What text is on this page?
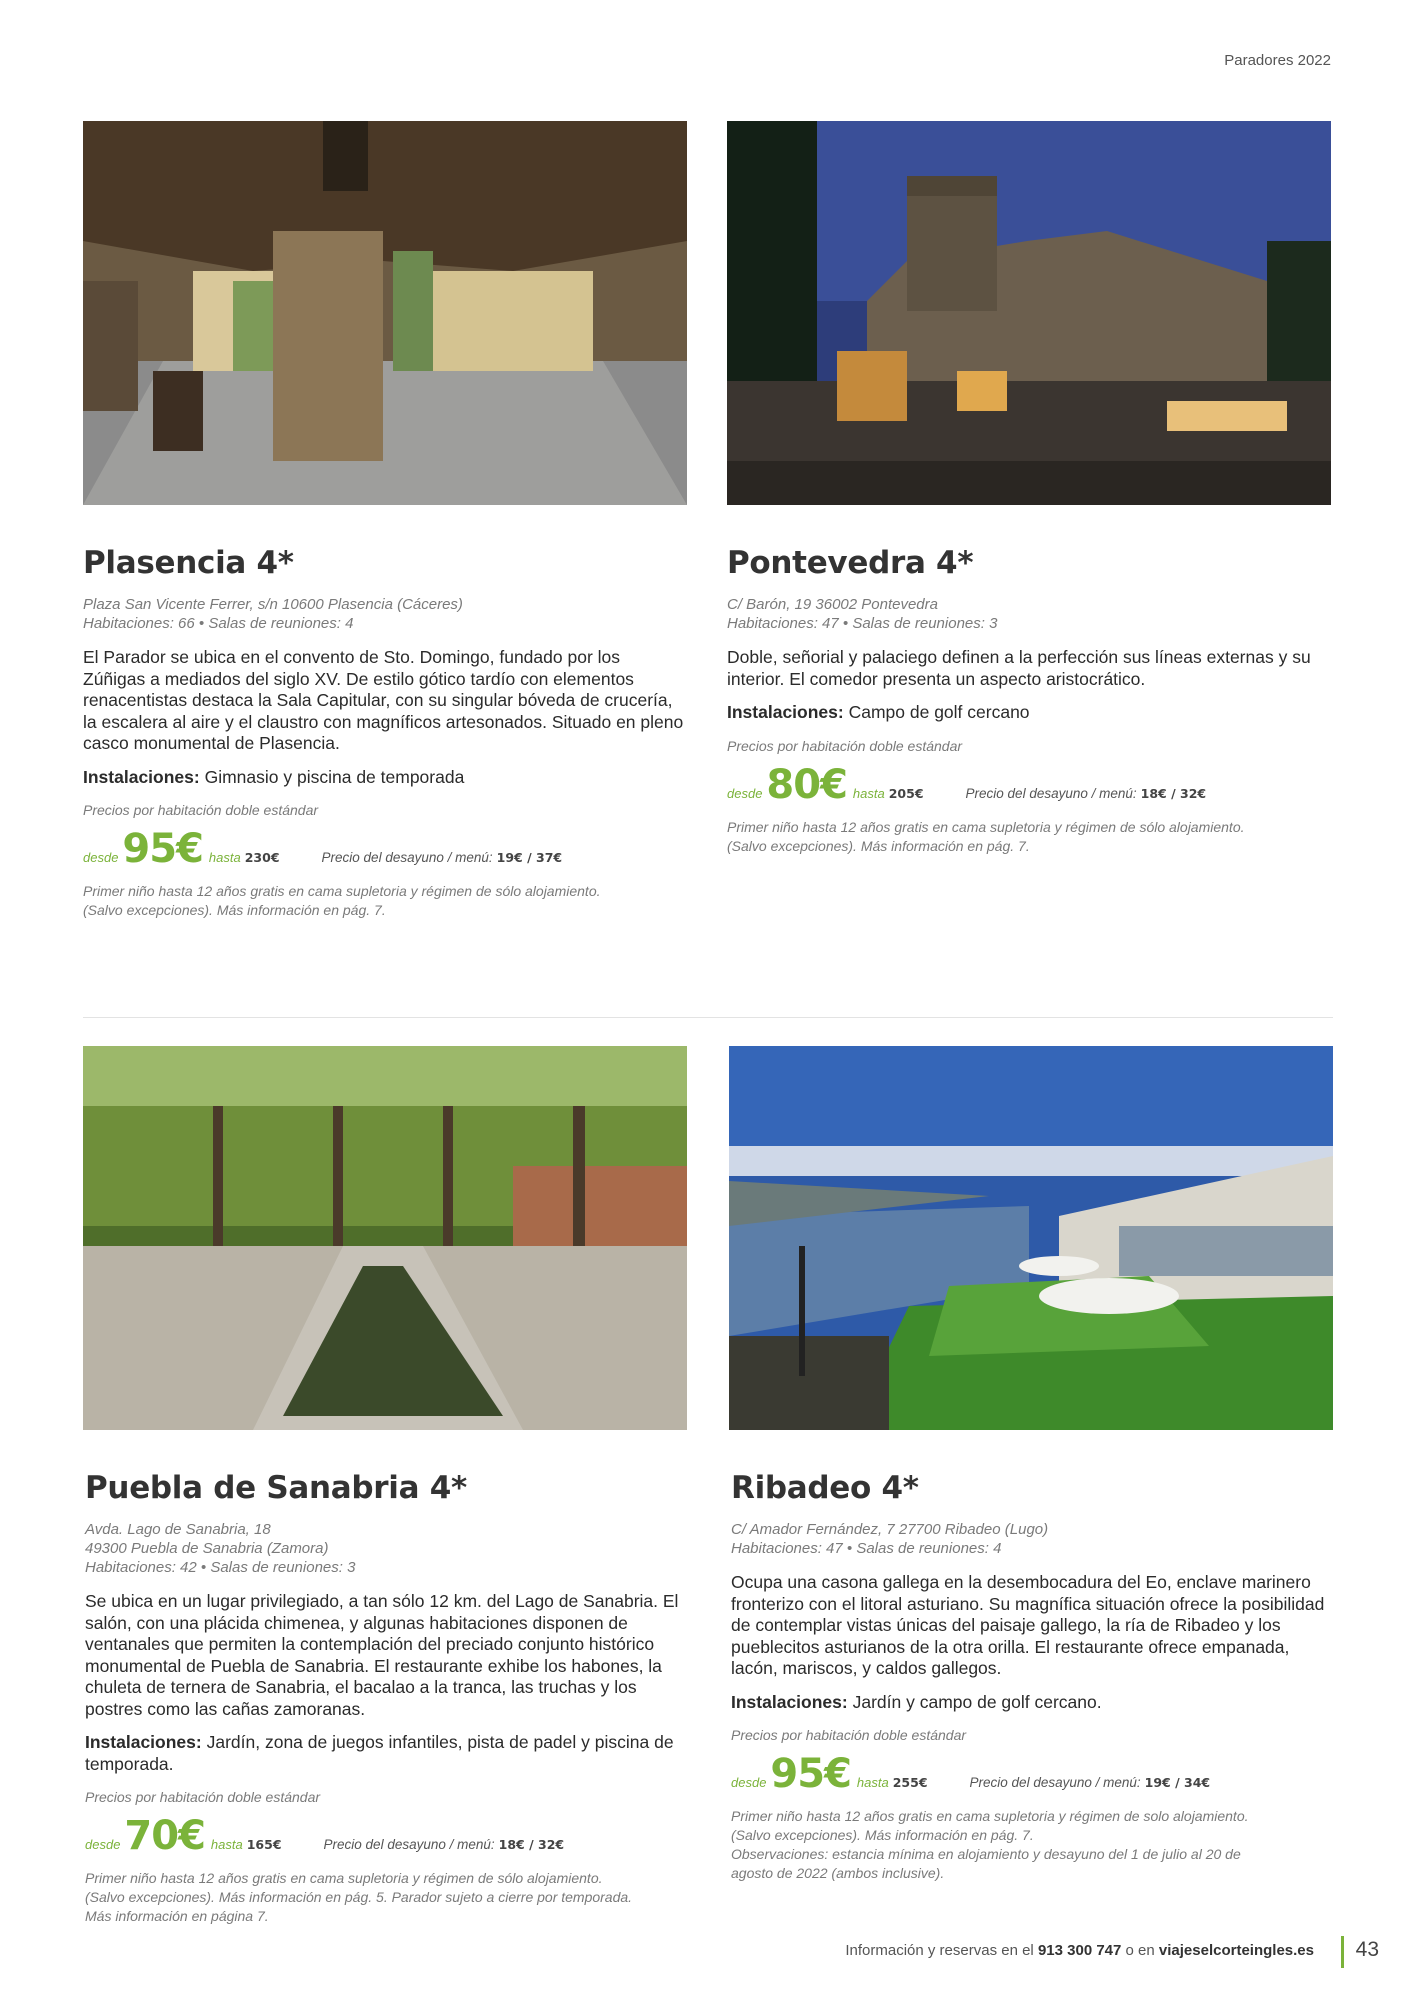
Paradores 2022
Plasencia 4*
Plaza San Vicente Ferrer, s/n 10600 Plasencia (Cáceres)
Habitaciones: 66 • Salas de reuniones: 4
El Parador se ubica en el convento de Sto. Domingo, fundado por los Zúñigas a mediados del siglo XV. De estilo gótico tardío con elementos renacentistas destaca la Sala Capitular, con su singular bóveda de crucería, la escalera al aire y el claustro con magníficos artesonados. Situado en pleno casco monumental de Plasencia.
Instalaciones: Gimnasio y piscina de temporada
Precios por habitación doble estándar
desde 95€ hasta 230€	Precio del desayuno / menú: 19€ / 37€
Primer niño hasta 12 años gratis en cama supletoria y régimen de sólo alojamiento.
(Salvo excepciones). Más información en pág. 7.
Pontevedra 4*
C/ Barón, 19 36002 Pontevedra
Habitaciones: 47 • Salas de reuniones: 3
Doble, señorial y palaciego definen a la perfección sus líneas externas y su interior. El comedor presenta un aspecto aristocrático.
Instalaciones: Campo de golf cercano
Precios por habitación doble estándar
desde 80€ hasta 205€	Precio del desayuno / menú: 18€ / 32€
Primer niño hasta 12 años gratis en cama supletoria y régimen de sólo alojamiento.
(Salvo excepciones). Más información en pág. 7.
Puebla de Sanabria 4*
Avda. Lago de Sanabria, 18
49300 Puebla de Sanabria (Zamora)
Habitaciones: 42 • Salas de reuniones: 3
Se ubica en un lugar privilegiado, a tan sólo 12 km. del Lago de Sanabria. El salón, con una plácida chimenea, y algunas habitaciones disponen de ventanales que permiten la contemplación del preciado conjunto histórico monumental de Puebla de Sanabria. El restaurante exhibe los habones, la chuleta de ternera de Sanabria, el bacalao a la tranca, las truchas y los postres como las cañas zamoranas.
Instalaciones: Jardín, zona de juegos infantiles, pista de padel y piscina de temporada.
Precios por habitación doble estándar
desde 70€ hasta 165€	Precio del desayuno / menú: 18€ / 32€
Primer niño hasta 12 años gratis en cama supletoria y régimen de sólo alojamiento.
(Salvo excepciones). Más información en pág. 5. Parador sujeto a cierre por temporada.
Más información en página 7.
Ribadeo 4*
C/ Amador Fernández, 7 27700 Ribadeo (Lugo)
Habitaciones: 47 • Salas de reuniones: 4
Ocupa una casona gallega en la desembocadura del Eo, enclave marinero fronterizo con el litoral asturiano. Su magnífica situación ofrece la posibilidad de contemplar vistas únicas del paisaje gallego, la ría de Ribadeo y los pueblecitos asturianos de la otra orilla. El restaurante ofrece empanada, lacón, mariscos, y caldos gallegos.
Instalaciones: Jardín y campo de golf cercano.
Precios por habitación doble estándar
desde 95€ hasta 255€	Precio del desayuno / menú: 19€ / 34€
Primer niño hasta 12 años gratis en cama supletoria y régimen de solo alojamiento.
(Salvo excepciones). Más información en pág. 7.
Observaciones: estancia mínima en alojamiento y desayuno del 1 de julio al 20 de
agosto de 2022 (ambos inclusive).
Información y reservas en el
913 300 747
o en
viajeselcorteingles.es 43
